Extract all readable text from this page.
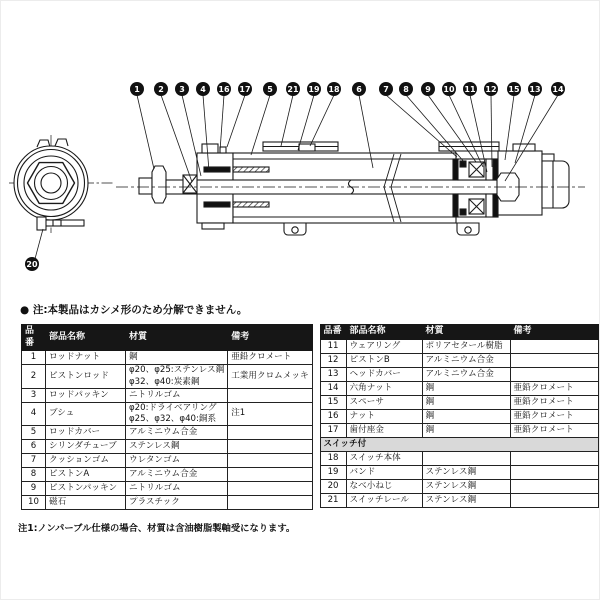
1 2 3 4 16 17 5 21 19 18 6	7 8 9 10 11 12 15 13 14
20
● 注:本製品はカシメ形のため分解できません。
品番	部品名称	材質	備考
1	ロッドナット	鋼	亜鉛クロメート
2	ピストンロッド	φ20、φ25:ステンレス鋼
φ32、φ40:炭素鋼	工業用クロムメッキ
3	ロッドパッキン	ニトリルゴム	
4	ブシュ	φ20:ドライベアリング
φ25、φ32、φ40:銅系	注1
5	ロッドカバー	アルミニウム合金	
6	シリンダチューブ	ステンレス鋼	
7	クッションゴム	ウレタンゴム	
8	ピストンA	アルミニウム合金	
9	ピストンパッキン	ニトリルゴム	
10	磁石	プラスチック	
品番	部品名称	材質	備考
11	ウェアリング	ポリアセタール樹脂	
12	ピストンB	アルミニウム合金	
13	ヘッドカバー	アルミニウム合金	
14	六角ナット	鋼	亜鉛クロメート
15	スペーサ	鋼	亜鉛クロメート
16	ナット	鋼	亜鉛クロメート
17	歯付座金	鋼	亜鉛クロメート
スイッチ付			
18	スイッチ本体		
19	バンド	ステンレス鋼	
20	なべ小ねじ	ステンレス鋼	
21	スイッチレール	ステンレス鋼	
注1:ノンパーブル仕様の場合、材質は含油樹脂製軸受になります。
